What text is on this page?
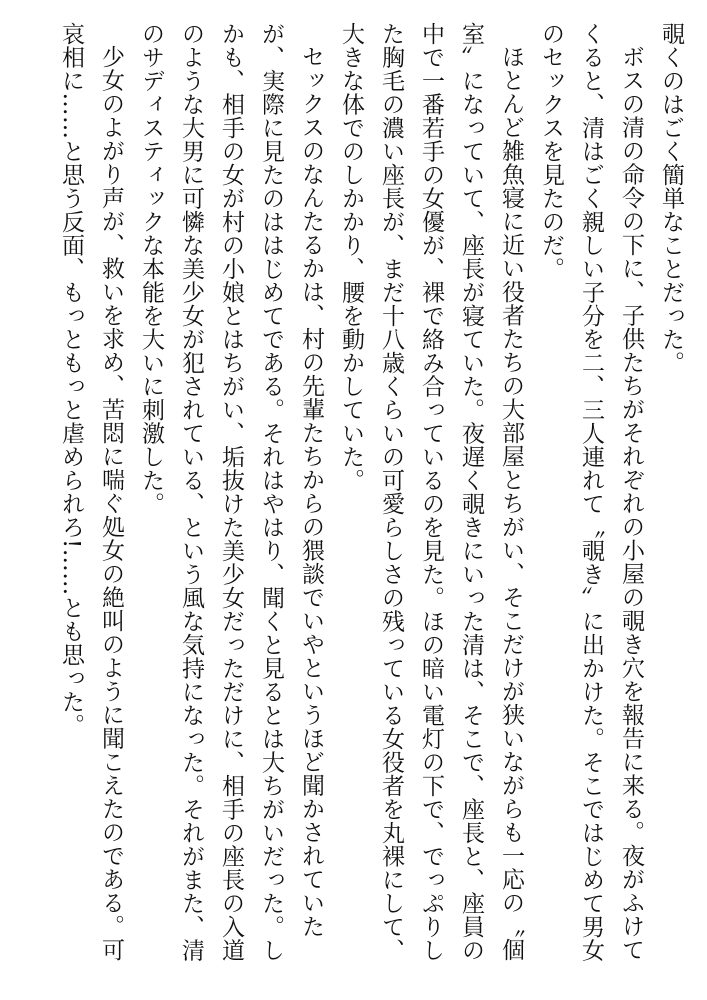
覗くのはごく簡単なことだった。

ボスの清の命令の下に、子供たちがそれぞれの小屋の覗き穴を報告に来る。夜がふけてくると、清はごく親しい子分を二、三人連れて〝覗き〟に出かけた。そこではじめて男女のセックスを見たのだ。

ほとんど雑魚寝に近い役者たちの大部屋とちがい、そこだけが狭いながらも一応の〝個室〟になっていて、座長が寝ていた。夜遅く覗きにいった清は、そこで、座長と、座員の中で一番若手の女優が、裸で絡み合っているのを見た。ほの暗い電灯の下で、でっぷりした胸毛の濃い座長が、まだ十八歳くらいの可愛らしさの残っている女役者を丸裸にして、大きな体でのしかかり、腰を動かしていた。

セックスのなんたるかは、村の先輩たちからの猥談でいやというほど聞かされていたが、実際に見たのははじめてである。それはやはり、聞くと見るとは大ちがいだった。しかも、相手の女が村の小娘とはちがい、垢抜けた美少女だっただけに、相手の座長の入道のような大男に可憐な美少女が犯されている、という風な気持になった。それがまた、清のサディスティックな本能を大いに刺激した。

少女のよがり声が、救いを求め、苦悶に喘ぐ処女の絶叫のように聞こえたのである。可哀相に……と思う反面、もっともっと虐められろ!……とも思った。
